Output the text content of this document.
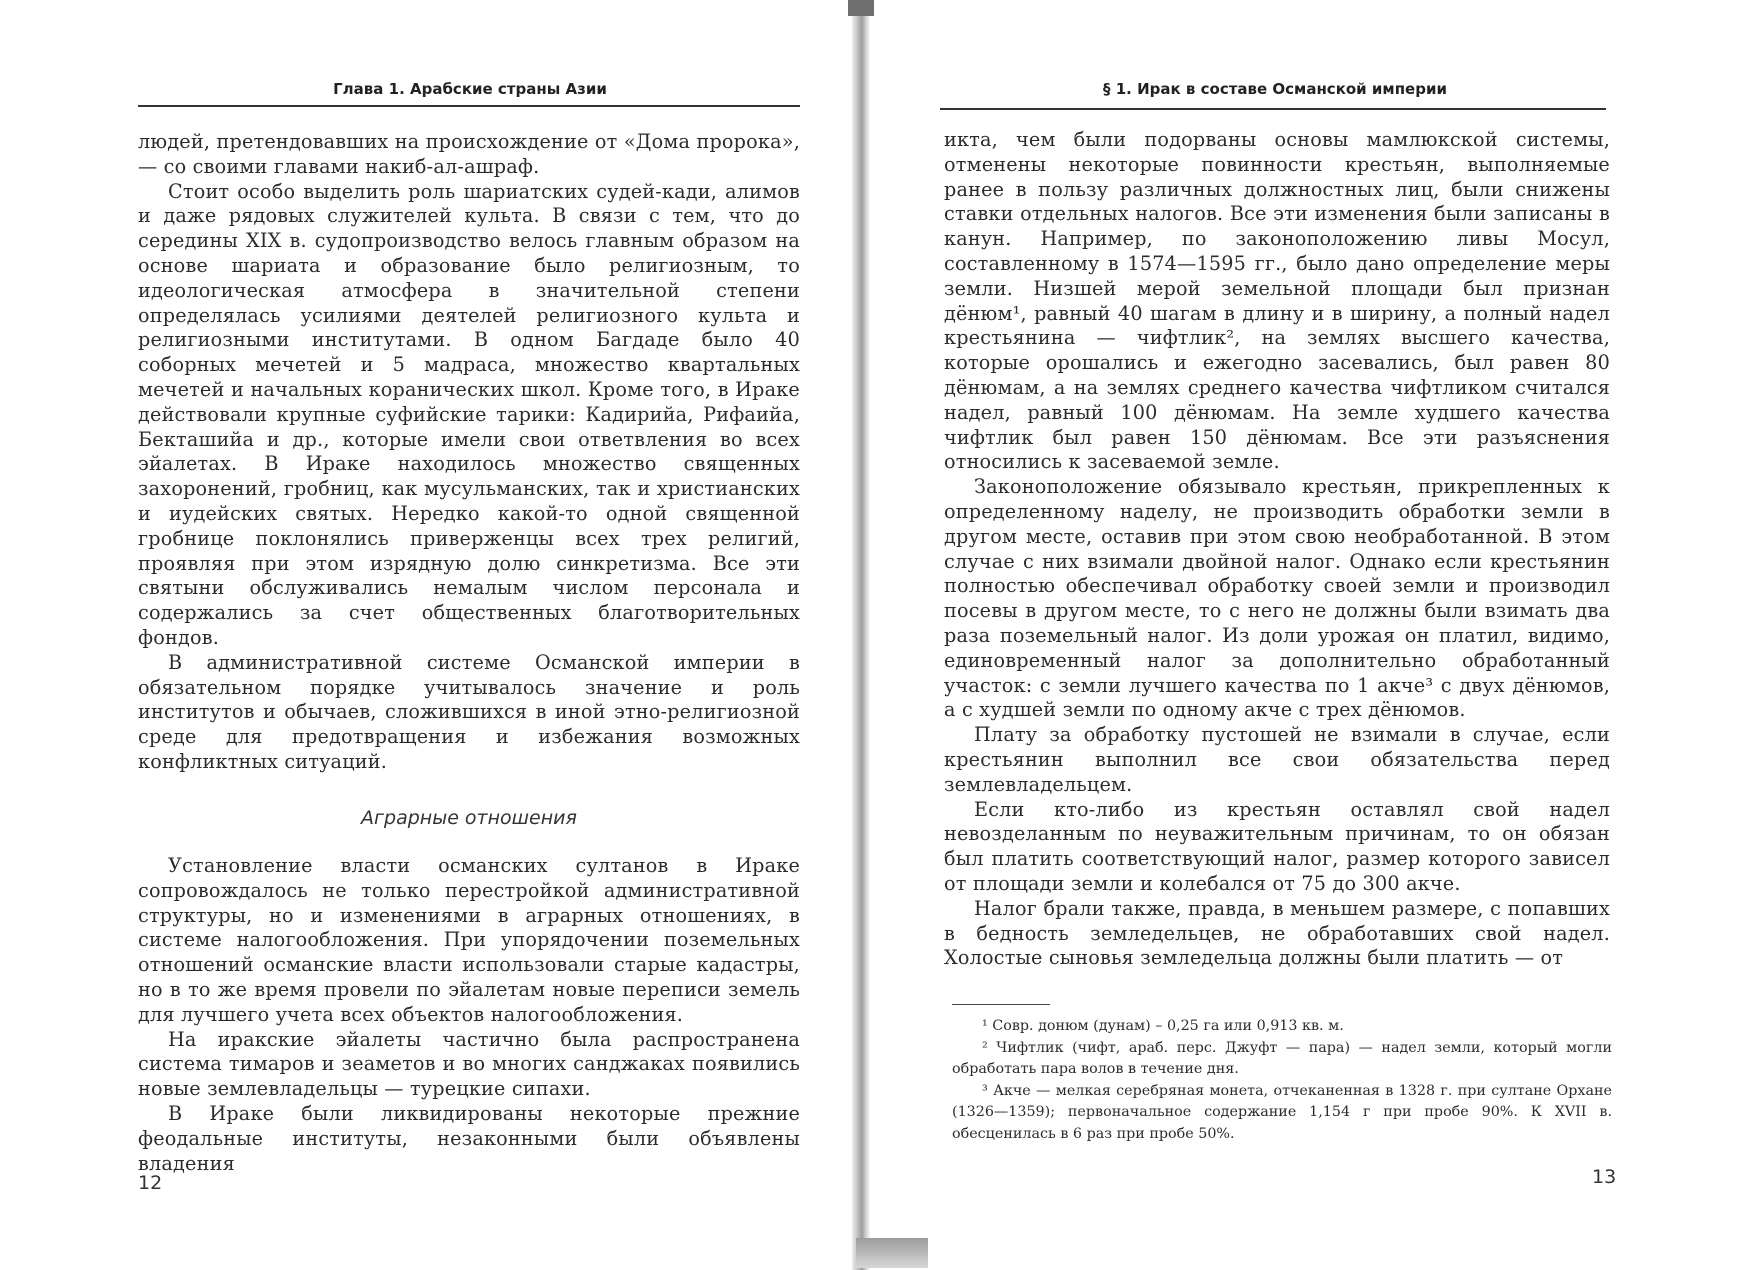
Глава 1. Арабские страны Азии

людей, претендовавших на происхождение от «Дома пророка», — со своими главами накиб-ал-ашраф.

Стоит особо выделить роль шариатских судей-кади, алимов и даже рядовых служителей культа. В связи с тем, что до середины XIX в. судопроизводство велось главным образом на основе шариата и образование было религиозным, то идеологическая атмосфера в значительной степени определялась усилиями деятелей религиозного культа и религиозными институтами. В одном Багдаде было 40 соборных мечетей и 5 мадраса, множество квартальных мечетей и начальных коранических школ. Кроме того, в Ираке действовали крупные суфийские тарики: Кадирийа, Рифаийа, Бекташийа и др., которые имели свои ответвления во всех эйалетах. В Ираке находилось множество священных захоронений, гробниц, как мусульманских, так и христианских и иудейских святых. Нередко какой-то одной священной гробнице поклонялись приверженцы всех трех религий, проявляя при этом изрядную долю синкретизма. Все эти святыни обслуживались немалым числом персонала и содержались за счет общественных благотворительных фондов.

В административной системе Османской империи в обязательном порядке учитывалось значение и роль институтов и обычаев, сложившихся в иной этно-религиозной среде для предотвращения и избежания возможных конфликтных ситуаций.

Аграрные отношения

Установление власти османских султанов в Ираке сопровождалось не только перестройкой административной структуры, но и изменениями в аграрных отношениях, в системе налогообложения. При упорядочении поземельных отношений османские власти использовали старые кадастры, но в то же время провели по эйалетам новые переписи земель для лучшего учета всех объектов налогообложения.

На иракские эйалеты частично была распространена система тимаров и зеаметов и во многих санджаках появились новые землевладельцы — турецкие сипахи.

В Ираке были ликвидированы некоторые прежние феодальные институты, незаконными были объявлены владения

12
§ 1. Ирак в составе Османской империи

икта, чем были подорваны основы мамлюкской системы, отменены некоторые повинности крестьян, выполняемые ранее в пользу различных должностных лиц, были снижены ставки отдельных налогов. Все эти изменения были записаны в канун. Например, по законоположению ливы Мосул, составленному в 1574—1595 гг., было дано определение меры земли. Низшей мерой земельной площади был признан дёнюм¹, равный 40 шагам в длину и в ширину, а полный надел крестьянина — чифтлик², на землях высшего качества, которые орошались и ежегодно засевались, был равен 80 дёнюмам, а на землях среднего качества чифтликом считался надел, равный 100 дёнюмам. На земле худшего качества чифтлик был равен 150 дёнюмам. Все эти разъяснения относились к засеваемой земле.

Законоположение обязывало крестьян, прикрепленных к определенному наделу, не производить обработки земли в другом месте, оставив при этом свою необработанной. В этом случае с них взимали двойной налог. Однако если крестьянин полностью обеспечивал обработку своей земли и производил посевы в другом месте, то с него не должны были взимать два раза поземельный налог. Из доли урожая он платил, видимо, единовременный налог за дополнительно обработанный участок: с земли лучшего качества по 1 акче³ с двух дёнюмов, а с худшей земли по одному акче с трех дёнюмов.

Плату за обработку пустошей не взимали в случае, если крестьянин выполнил все свои обязательства перед землевладельцем.

Если кто-либо из крестьян оставлял свой надел невозделанным по неуважительным причинам, то он обязан был платить соответствующий налог, размер которого зависел от площади земли и колебался от 75 до 300 акче.

Налог брали также, правда, в меньшем размере, с попавших в бедность земледельцев, не обработавших свой надел. Холостые сыновья земледельца должны были платить — от

¹ Совр. донюм (дунам) – 0,25 га или 0,913 кв. м.

² Чифтлик (чифт, араб. перс. Джуфт — пара) — надел земли, который могли обработать пара волов в течение дня.

³ Акче — мелкая серебряная монета, отчеканенная в 1328 г. при султане Орхане (1326—1359); первоначальное содержание 1,154 г при пробе 90%. К XVII в. обесценилась в 6 раз при пробе 50%.

13
